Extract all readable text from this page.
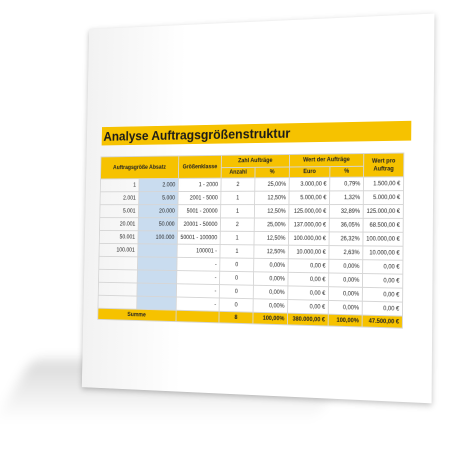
Analyse Auftragsgrößenstruktur
Auftragsgröße Absatz		Größenklasse	Zahl Aufträge		Wert der Aufträge		Wert pro Auftrag
			Anzahl	%	Euro	%	
1	2.000	1 - 2000	2	25,00%	3.000,00 €	0,79%	1.500,00 €
2.001	5.000	2001 - 5000	1	12,50%	5.000,00 €	1,32%	5.000,00 €
5.001	20.000	5001 - 20000	1	12,50%	125.000,00 €	32,89%	125.000,00 €
20.001	50.000	20001 - 50000	2	25,00%	137.000,00 €	36,05%	68.500,00 €
50.001	100.000	50001 - 100000	1	12,50%	100.000,00 €	26,32%	100.000,00 €
100.001		100001 -	1	12,50%	10.000,00 €	2,63%	10.000,00 €
		-	0	0,00%	0,00 €	0,00%	0,00 €
		-	0	0,00%	0,00 €	0,00%	0,00 €
		-	0	0,00%	0,00 €	0,00%	0,00 €
		-	0	0,00%	0,00 €	0,00%	0,00 €
Summe			8	100,00%	380.000,00 €	100,00%	47.500,00 €
